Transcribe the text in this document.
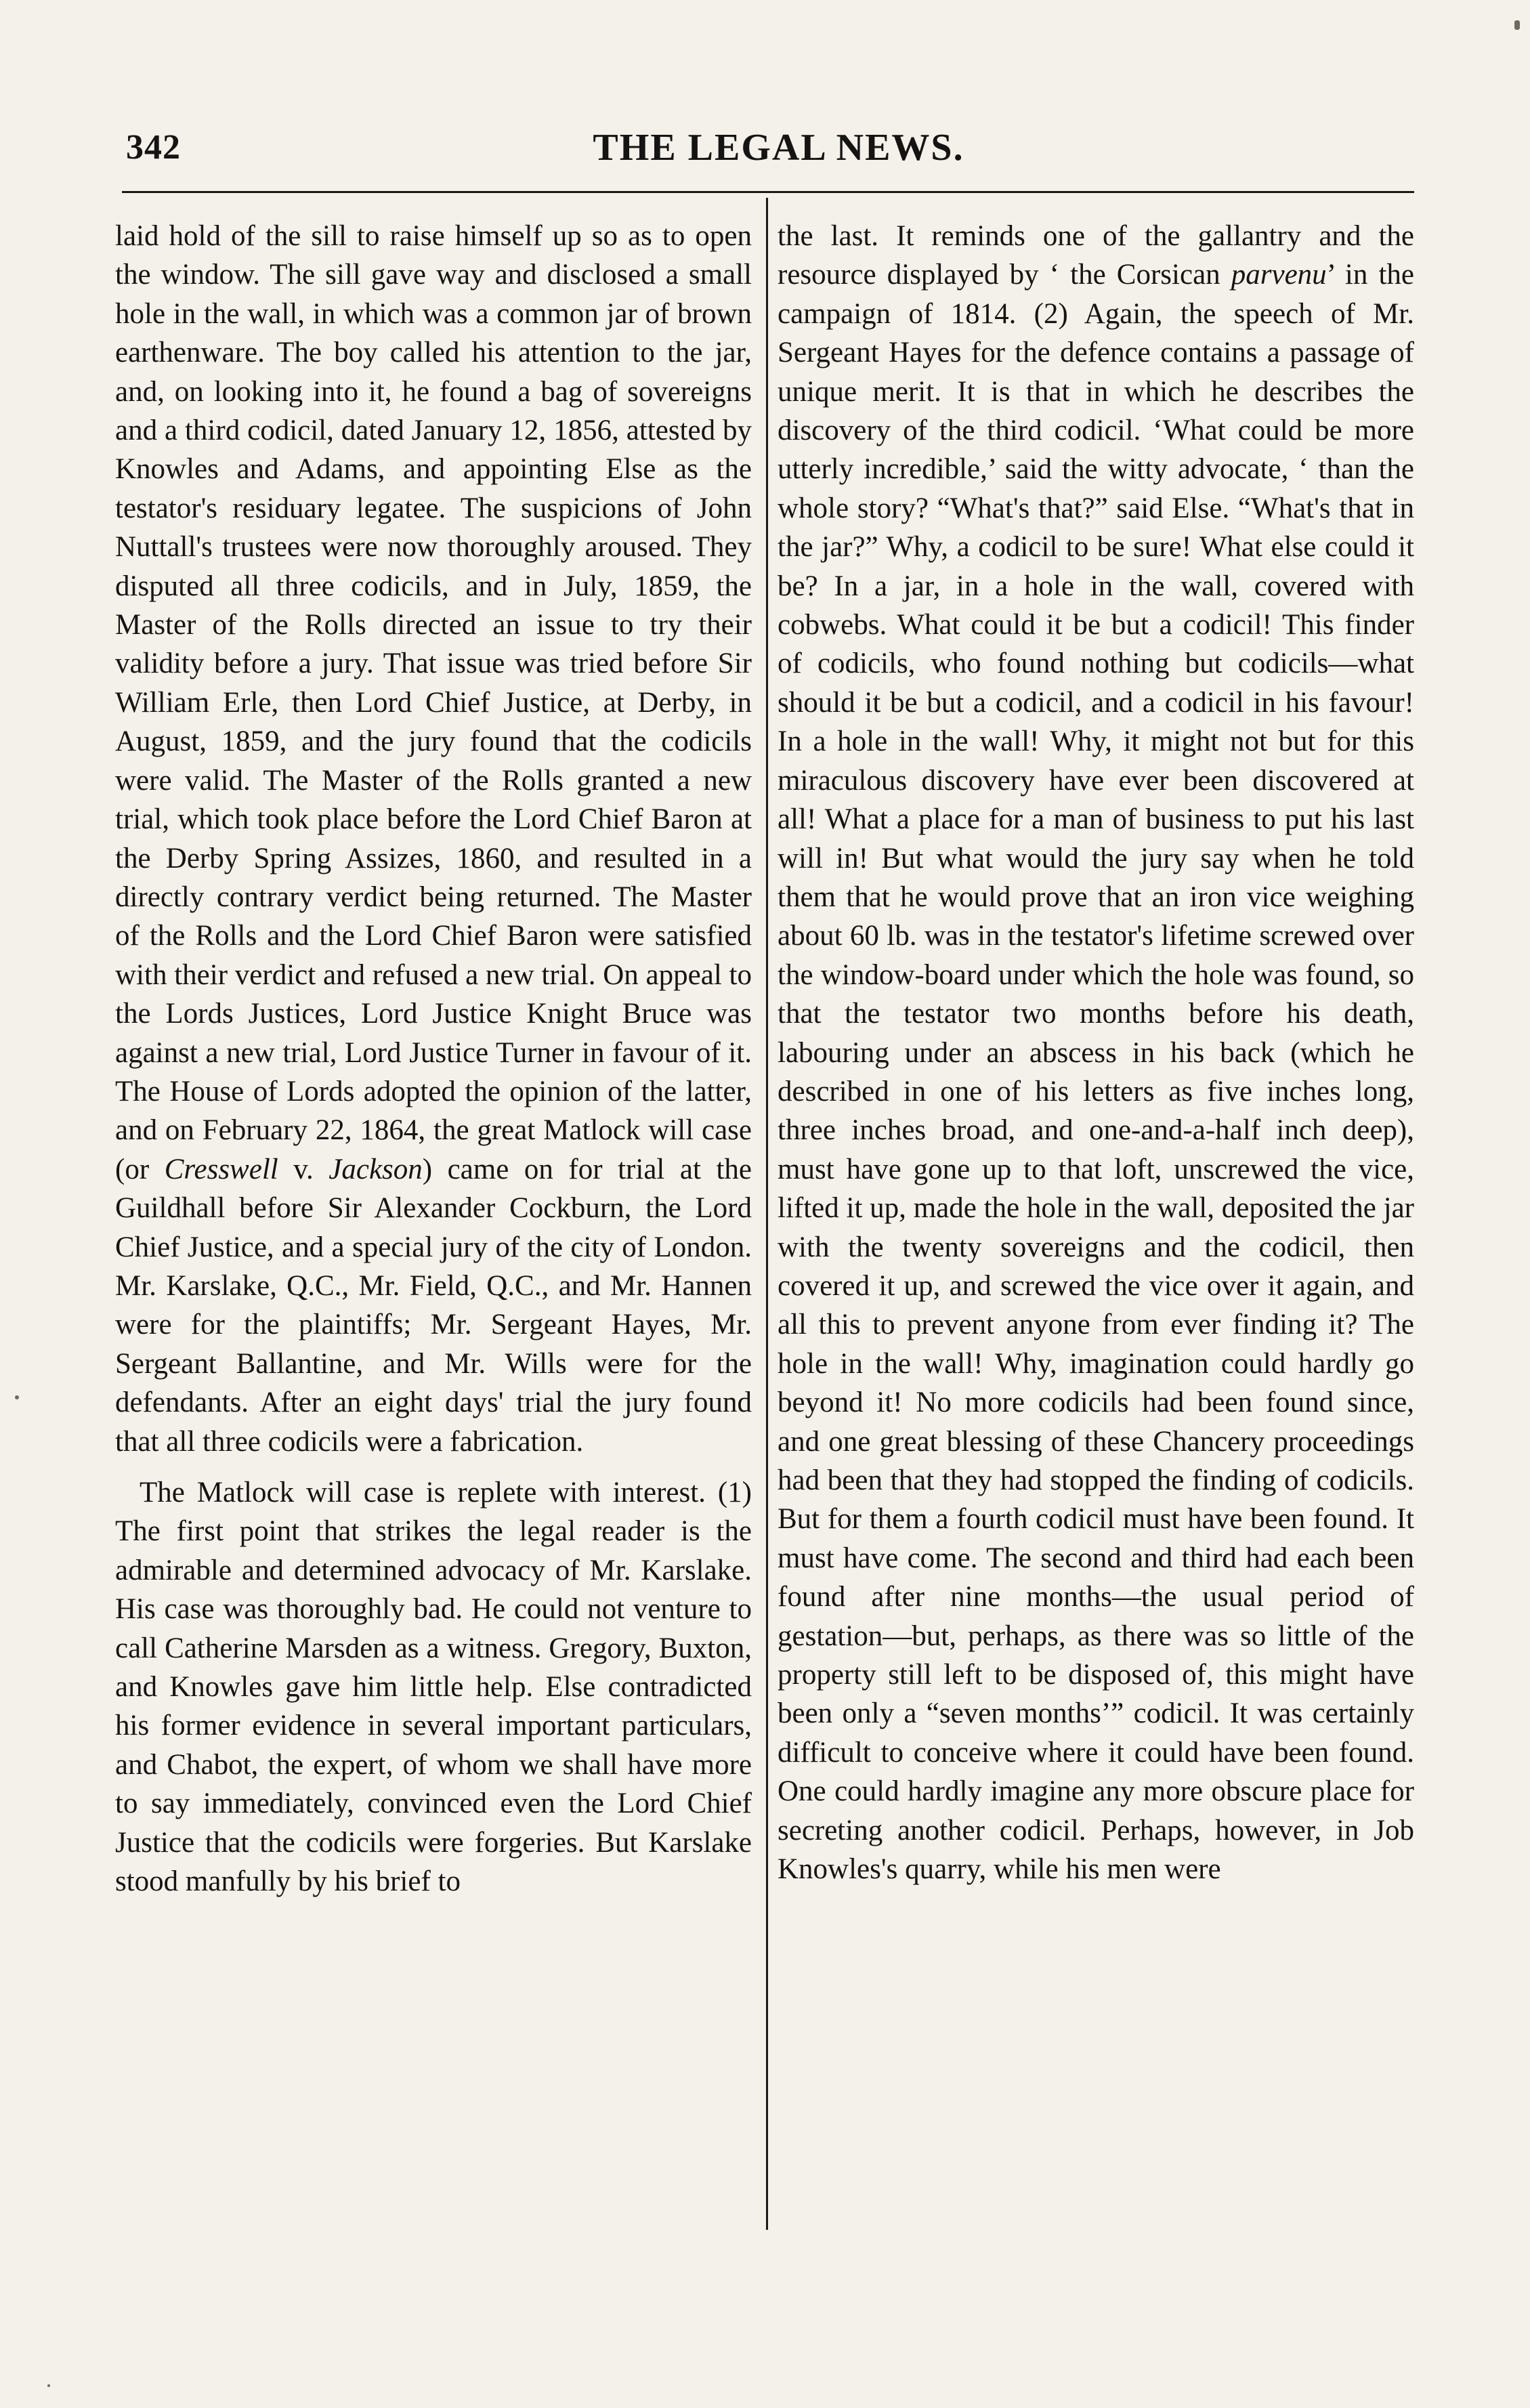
342	THE LEGAL NEWS.

laid hold of the sill to raise himself up so as to open the window. The sill gave way and disclosed a small hole in the wall, in which was a common jar of brown earthenware. The boy called his attention to the jar, and, on looking into it, he found a bag of sovereigns and a third codicil, dated January 12, 1856, attested by Knowles and Adams, and appointing Else as the testator's residuary legatee. The suspicions of John Nuttall's trustees were now thoroughly aroused. They disputed all three codicils, and in July, 1859, the Master of the Rolls directed an issue to try their validity before a jury. That issue was tried before Sir William Erle, then Lord Chief Justice, at Derby, in August, 1859, and the jury found that the codicils were valid. The Master of the Rolls granted a new trial, which took place before the Lord Chief Baron at the Derby Spring Assizes, 1860, and resulted in a directly contrary verdict being returned. The Master of the Rolls and the Lord Chief Baron were satisfied with their verdict and refused a new trial. On appeal to the Lords Justices, Lord Justice Knight Bruce was against a new trial, Lord Justice Turner in favour of it. The House of Lords adopted the opinion of the latter, and on February 22, 1864, the great Matlock will case (or Cresswell v. Jackson) came on for trial at the Guildhall before Sir Alexander Cockburn, the Lord Chief Justice, and a special jury of the city of London. Mr. Karslake, Q.C., Mr. Field, Q.C., and Mr. Hannen were for the plaintiffs; Mr. Sergeant Hayes, Mr. Sergeant Ballantine, and Mr. Wills were for the defendants. After an eight days' trial the jury found that all three codicils were a fabrication.

The Matlock will case is replete with interest. (1) The first point that strikes the legal reader is the admirable and determined advocacy of Mr. Karslake. His case was thoroughly bad. He could not venture to call Catherine Marsden as a witness. Gregory, Buxton, and Knowles gave him little help. Else contradicted his former evidence in several important particulars, and Chabot, the expert, of whom we shall have more to say immediately, convinced even the Lord Chief Justice that the codicils were forgeries. But Karslake stood manfully by his brief to

the last. It reminds one of the gallantry and the resource displayed by ‘ the Corsican parvenu’ in the campaign of 1814. (2) Again, the speech of Mr. Sergeant Hayes for the defence contains a passage of unique merit. It is that in which he describes the discovery of the third codicil. ‘What could be more utterly incredible,’ said the witty advocate, ‘ than the whole story? “What's that?” said Else. “What's that in the jar?” Why, a codicil to be sure! What else could it be? In a jar, in a hole in the wall, covered with cobwebs. What could it be but a codicil! This finder of codicils, who found nothing but codicils—what should it be but a codicil, and a codicil in his favour! In a hole in the wall! Why, it might not but for this miraculous discovery have ever been discovered at all! What a place for a man of business to put his last will in! But what would the jury say when he told them that he would prove that an iron vice weighing about 60 lb. was in the testator's lifetime screwed over the window-board under which the hole was found, so that the testator two months before his death, labouring under an abscess in his back (which he described in one of his letters as five inches long, three inches broad, and one-and-a-half inch deep), must have gone up to that loft, unscrewed the vice, lifted it up, made the hole in the wall, deposited the jar with the twenty sovereigns and the codicil, then covered it up, and screwed the vice over it again, and all this to prevent anyone from ever finding it? The hole in the wall! Why, imagination could hardly go beyond it! No more codicils had been found since, and one great blessing of these Chancery proceedings had been that they had stopped the finding of codicils. But for them a fourth codicil must have been found. It must have come. The second and third had each been found after nine months—the usual period of gestation—but, perhaps, as there was so little of the property still left to be disposed of, this might have been only a “seven months’” codicil. It was certainly difficult to conceive where it could have been found. One could hardly imagine any more obscure place for secreting another codicil. Perhaps, however, in Job Knowles's quarry, while his men were
